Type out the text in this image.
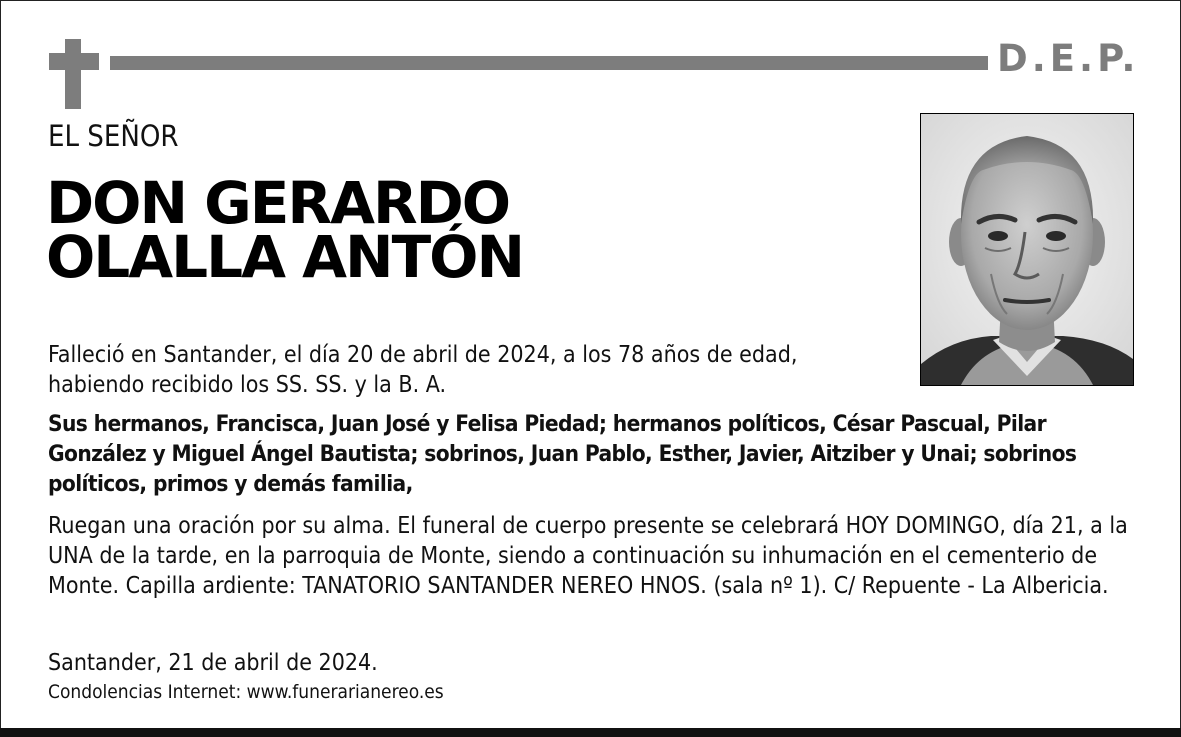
D.E.P.
EL SEÑOR
DON GERARDO
OLALLA ANTÓN

Falleció en Santander, el día 20 de abril de 2024, a los 78 años de edad,
habiendo recibido los SS. SS. y la B. A.

Sus hermanos, Francisca, Juan José y Felisa Piedad; hermanos políticos, César Pascual, Pilar González y Miguel Ángel Bautista; sobrinos, Juan Pablo, Esther, Javier, Aitziber y Unai; sobrinos políticos, primos y demás familia,

Ruegan una oración por su alma. El funeral de cuerpo presente se celebrará HOY DOMINGO, día 21, a la UNA de la tarde, en la parroquia de Monte, siendo a continuación su inhumación en el cementerio de Monte. Capilla ardiente: TANATORIO SANTANDER NEREO HNOS. (sala nº 1). C/ Repuente - La Albericia.

Santander, 21 de abril de 2024.
Condolencias Internet: www.funerarianereo.es
